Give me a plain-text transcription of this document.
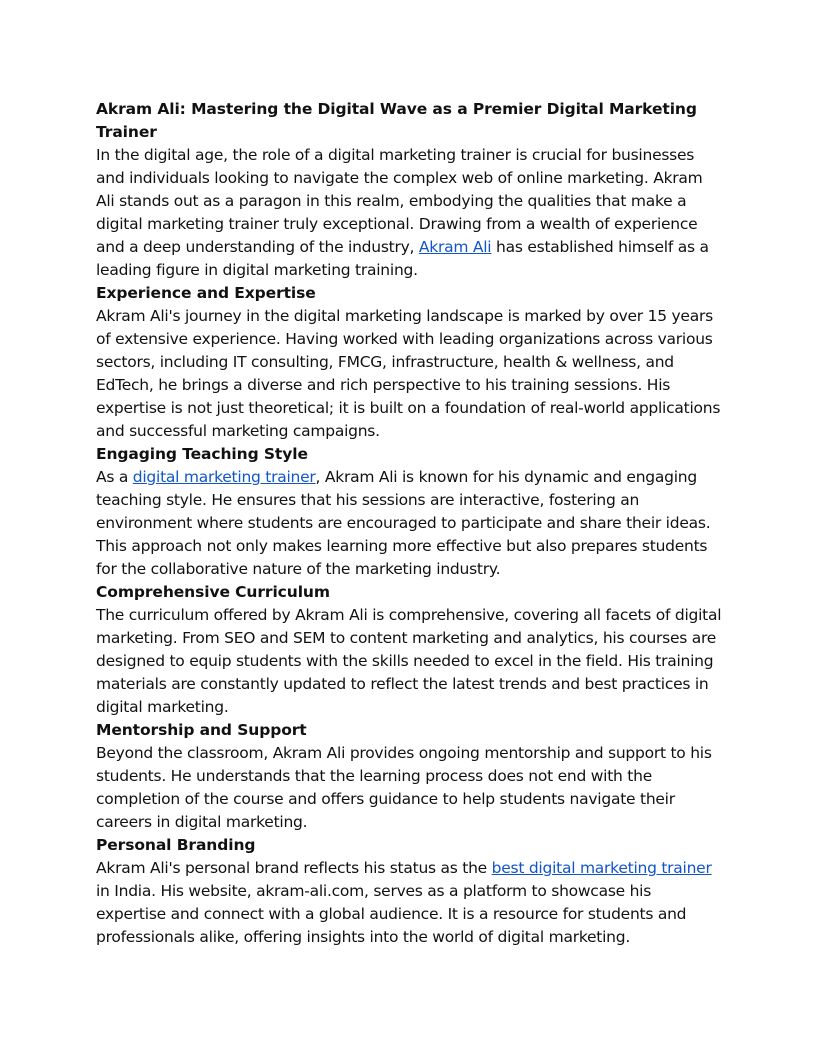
Akram Ali: Mastering the Digital Wave as a Premier Digital Marketing Trainer

In the digital age, the role of a digital marketing trainer is crucial for businesses and individuals looking to navigate the complex web of online marketing. Akram Ali stands out as a paragon in this realm, embodying the qualities that make a digital marketing trainer truly exceptional. Drawing from a wealth of experience and a deep understanding of the industry, Akram Ali has established himself as a leading figure in digital marketing training.

Experience and Expertise

Akram Ali's journey in the digital marketing landscape is marked by over 15 years of extensive experience. Having worked with leading organizations across various sectors, including IT consulting, FMCG, infrastructure, health & wellness, and EdTech, he brings a diverse and rich perspective to his training sessions. His expertise is not just theoretical; it is built on a foundation of real-world applications and successful marketing campaigns.

Engaging Teaching Style

As a digital marketing trainer, Akram Ali is known for his dynamic and engaging teaching style. He ensures that his sessions are interactive, fostering an environment where students are encouraged to participate and share their ideas. This approach not only makes learning more effective but also prepares students for the collaborative nature of the marketing industry.

Comprehensive Curriculum

The curriculum offered by Akram Ali is comprehensive, covering all facets of digital marketing. From SEO and SEM to content marketing and analytics, his courses are designed to equip students with the skills needed to excel in the field. His training materials are constantly updated to reflect the latest trends and best practices in digital marketing.

Mentorship and Support

Beyond the classroom, Akram Ali provides ongoing mentorship and support to his students. He understands that the learning process does not end with the completion of the course and offers guidance to help students navigate their careers in digital marketing.

Personal Branding

Akram Ali's personal brand reflects his status as the best digital marketing trainer in India. His website, akram-ali.com, serves as a platform to showcase his expertise and connect with a global audience. It is a resource for students and professionals alike, offering insights into the world of digital marketing.
